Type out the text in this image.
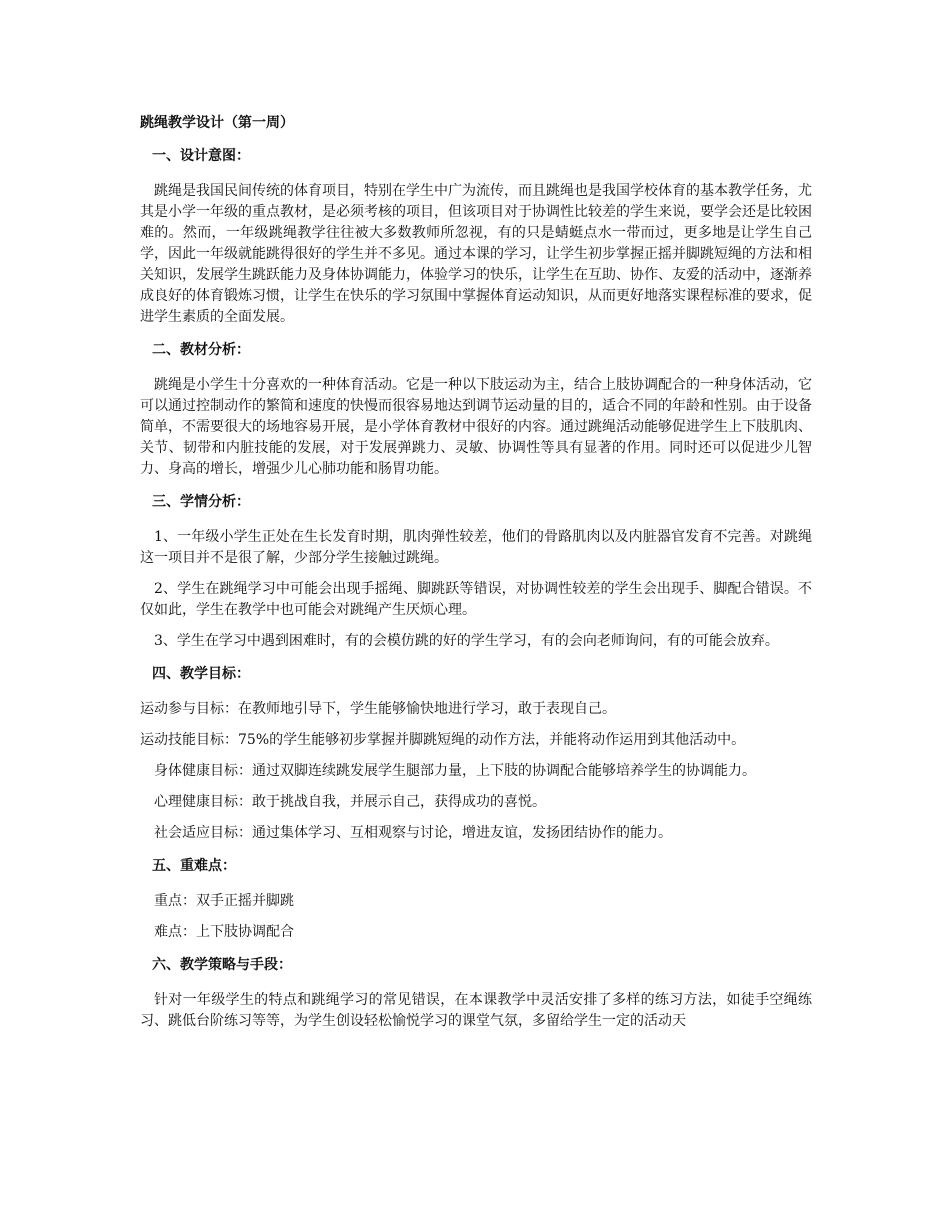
跳绳教学设计（第一周）
一、设计意图：
跳绳是我国民间传统的体育项目，特别在学生中广为流传，而且跳绳也是我国学校体育的基本教学任务，尤其是小学一年级的重点教材，是必须考核的项目，但该项目对于协调性比较差的学生来说，要学会还是比较困难的。然而，一年级跳绳教学往往被大多数教师所忽视，有的只是蜻蜓点水一带而过，更多地是让学生自己学，因此一年级就能跳得很好的学生并不多见。通过本课的学习，让学生初步掌握正摇并脚跳短绳的方法和相关知识，发展学生跳跃能力及身体协调能力，体验学习的快乐，让学生在互助、协作、友爱的活动中，逐渐养成良好的体育锻炼习惯，让学生在快乐的学习氛围中掌握体育运动知识，从而更好地落实课程标准的要求，促进学生素质的全面发展。
二、教材分析：
跳绳是小学生十分喜欢的一种体育活动。它是一种以下肢运动为主，结合上肢协调配合的一种身体活动，它可以通过控制动作的繁简和速度的快慢而很容易地达到调节运动量的目的，适合不同的年龄和性别。由于设备简单，不需要很大的场地容易开展，是小学体育教材中很好的内容。通过跳绳活动能够促进学生上下肢肌肉、关节、韧带和内脏技能的发展，对于发展弹跳力、灵敏、协调性等具有显著的作用。同时还可以促进少儿智力、身高的增长，增强少儿心肺功能和肠胃功能。
三、学情分析：
1、一年级小学生正处在生长发育时期，肌肉弹性较差，他们的骨路肌肉以及内脏器官发育不完善。对跳绳这一项目并不是很了解，少部分学生接触过跳绳。
2、学生在跳绳学习中可能会出现手摇绳、脚跳跃等错误，对协调性较差的学生会出现手、脚配合错误。不仅如此，学生在教学中也可能会对跳绳产生厌烦心理。
3、学生在学习中遇到困难时，有的会模仿跳的好的学生学习，有的会向老师询问，有的可能会放弃。
四、教学目标：
运动参与目标：在教师地引导下，学生能够愉快地进行学习，敢于表现自己。
运动技能目标：75%的学生能够初步掌握并脚跳短绳的动作方法，并能将动作运用到其他活动中。
身体健康目标：通过双脚连续跳发展学生腿部力量，上下肢的协调配合能够培养学生的协调能力。
心理健康目标：敢于挑战自我，并展示自己，获得成功的喜悦。
社会适应目标：通过集体学习、互相观察与讨论，增进友谊，发扬团结协作的能力。
五、重难点：
重点：双手正摇并脚跳
难点：上下肢协调配合
六、教学策略与手段：
针对一年级学生的特点和跳绳学习的常见错误，在本课教学中灵活安排了多样的练习方法，如徒手空绳练习、跳低台阶练习等等，为学生创设轻松愉悦学习的课堂气氛，多留给学生一定的活动天
